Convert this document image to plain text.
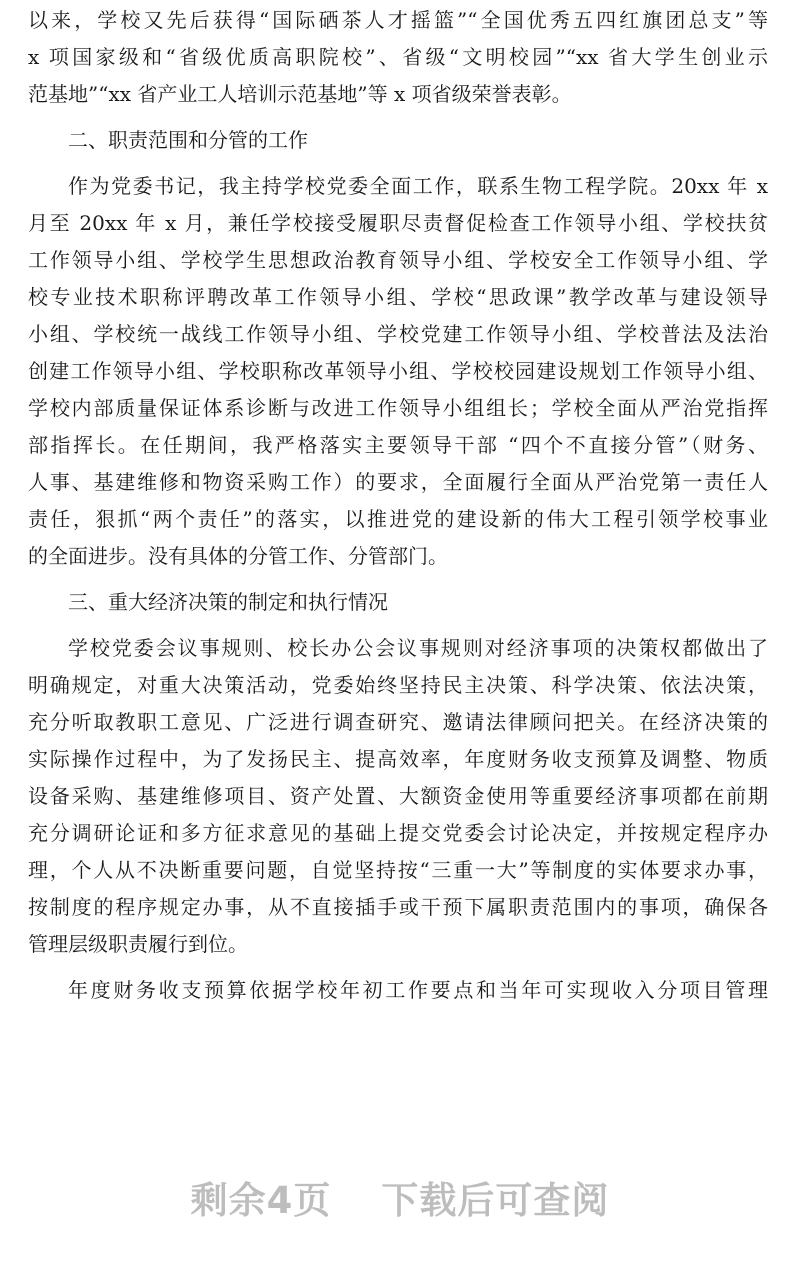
以来，学校又先后获得“国际硒茶人才摇篮”“全国优秀五四红旗团总支”等
x 项国家级和“省级优质高职院校”、省级“文明校园”“xx 省大学生创业示
范基地”“xx 省产业工人培训示范基地”等 x 项省级荣誉表彰。
二、职责范围和分管的工作
作为党委书记，我主持学校党委全面工作，联系生物工程学院。20xx 年 x
月至 20xx 年 x 月，兼任学校接受履职尽责督促检查工作领导小组、学校扶贫
工作领导小组、学校学生思想政治教育领导小组、学校安全工作领导小组、学
校专业技术职称评聘改革工作领导小组、学校“思政课”教学改革与建设领导
小组、学校统一战线工作领导小组、学校党建工作领导小组、学校普法及法治
创建工作领导小组、学校职称改革领导小组、学校校园建设规划工作领导小组、
学校内部质量保证体系诊断与改进工作领导小组组长；学校全面从严治党指挥
部指挥长。在任期间，我严格落实主要领导干部 “四个不直接分管”（财务、
人事、基建维修和物资采购工作）的要求，全面履行全面从严治党第一责任人
责任，狠抓“两个责任”的落实，以推进党的建设新的伟大工程引领学校事业
的全面进步。没有具体的分管工作、分管部门。
三、重大经济决策的制定和执行情况
学校党委会议事规则、校长办公会议事规则对经济事项的决策权都做出了
明确规定，对重大决策活动，党委始终坚持民主决策、科学决策、依法决策，
充分听取教职工意见、广泛进行调查研究、邀请法律顾问把关。在经济决策的
实际操作过程中，为了发扬民主、提高效率，年度财务收支预算及调整、物质
设备采购、基建维修项目、资产处置、大额资金使用等重要经济事项都在前期
充分调研论证和多方征求意见的基础上提交党委会讨论决定，并按规定程序办
理，个人从不决断重要问题，自觉坚持按“三重一大”等制度的实体要求办事，
按制度的程序规定办事，从不直接插手或干预下属职责范围内的事项，确保各
管理层级职责履行到位。
年度财务收支预算依据学校年初工作要点和当年可实现收入分项目管理
剩余4页 下载后可查阅
